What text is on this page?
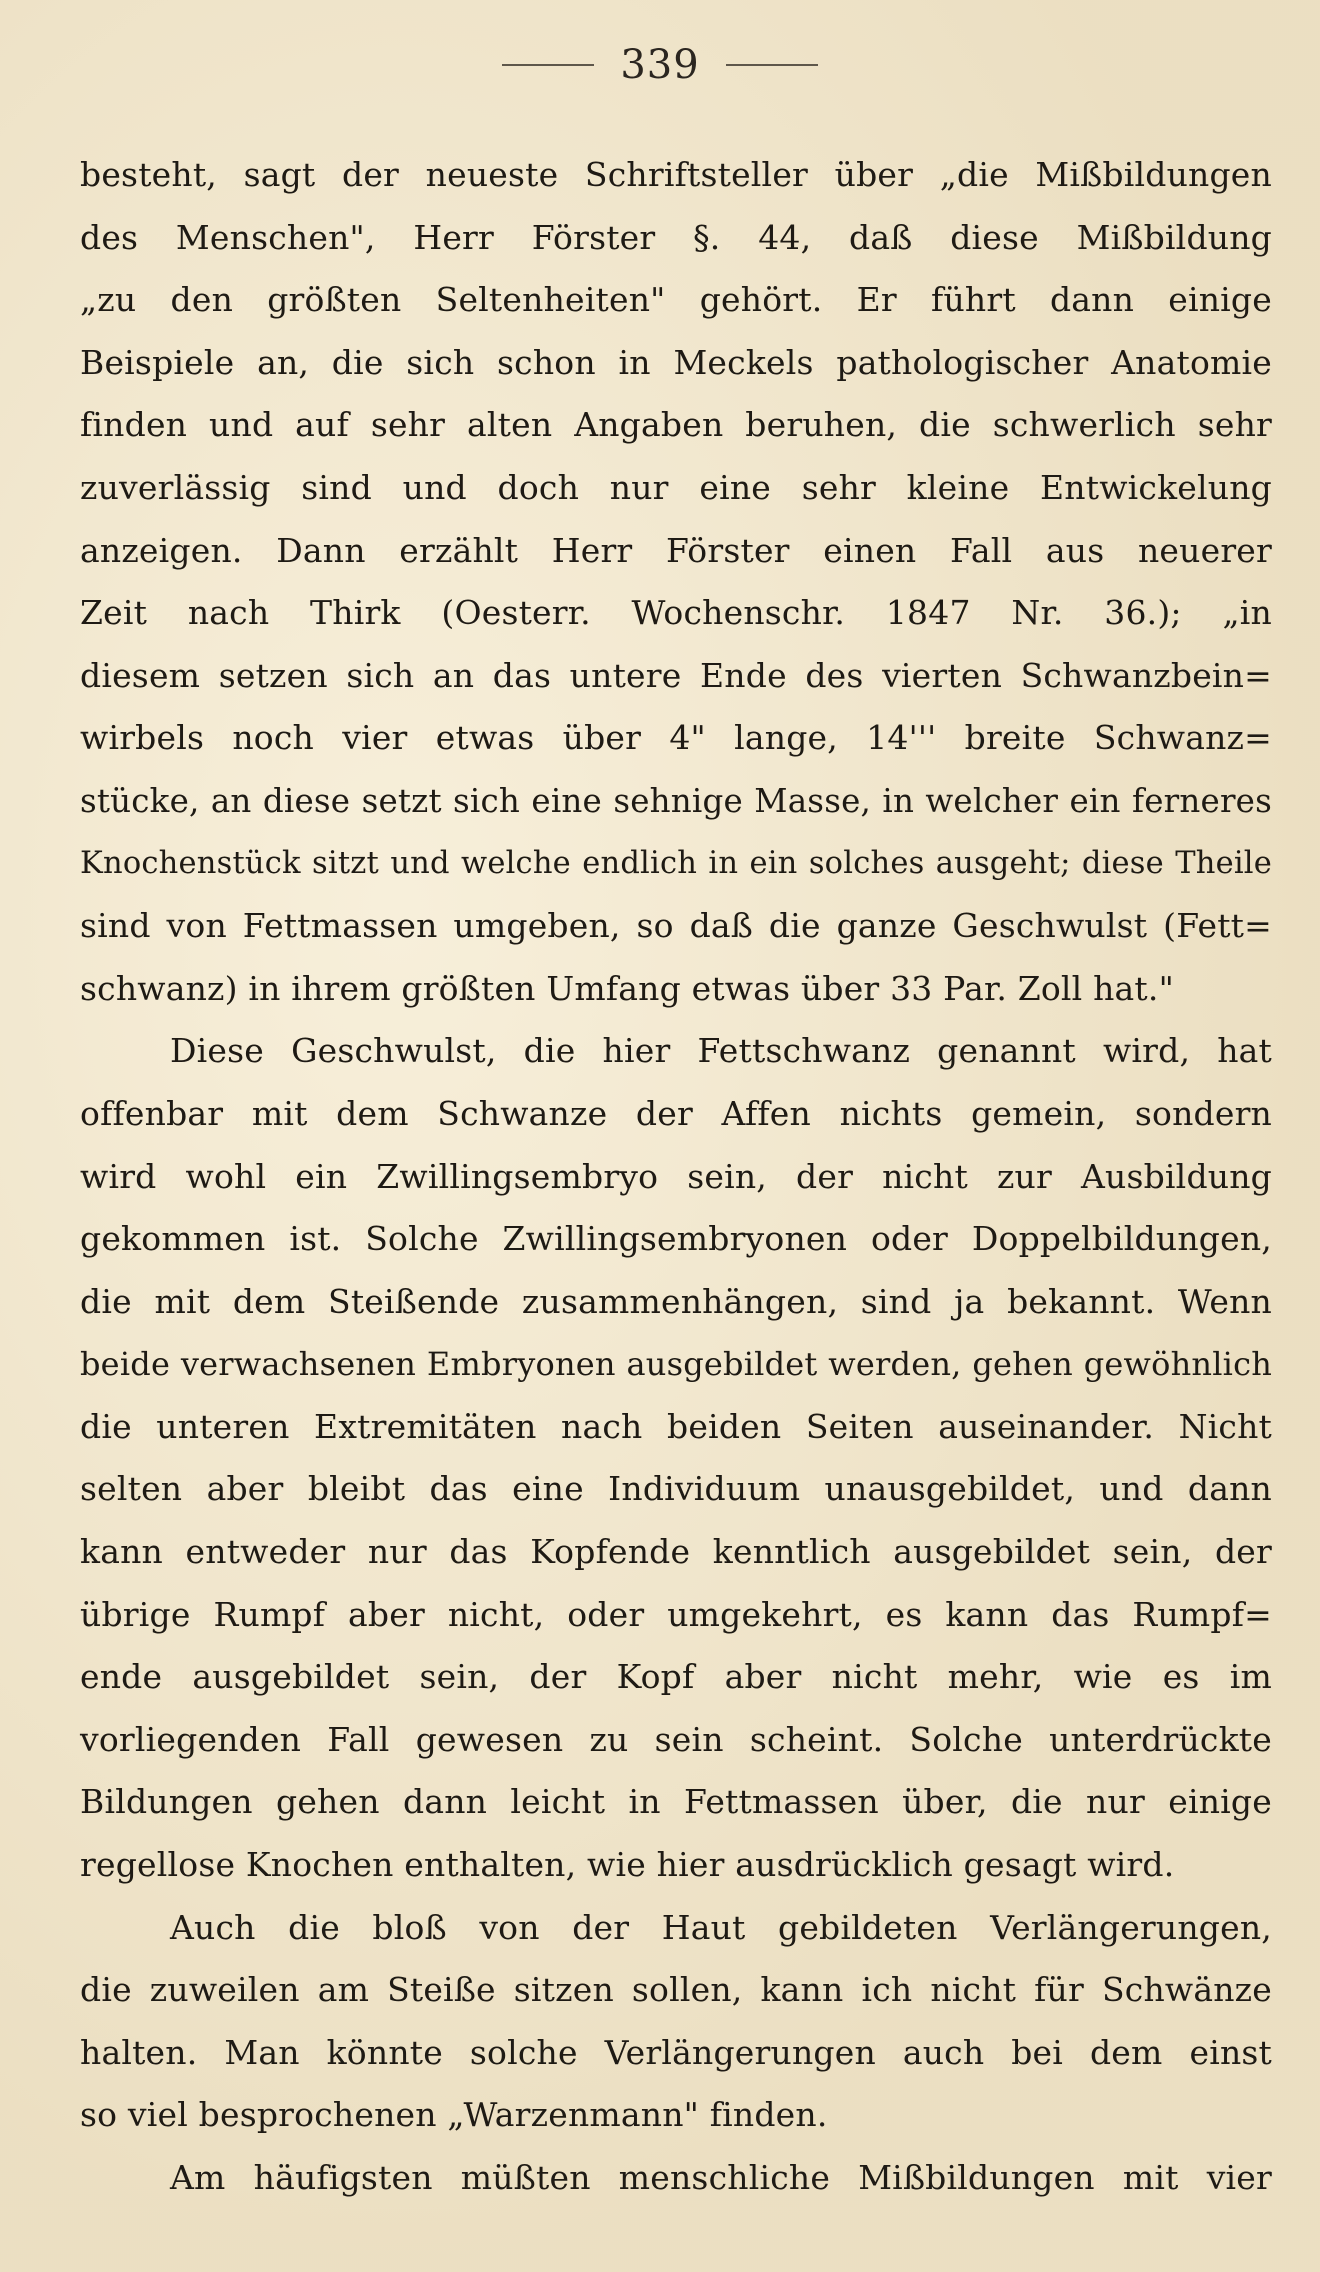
339
besteht, sagt der neueste Schriftsteller über „die Mißbildungen
des Menschen", Herr Förster §. 44, daß diese Mißbildung
„zu den größten Seltenheiten" gehört. Er führt dann einige
Beispiele an, die sich schon in Meckels pathologischer Anatomie
finden und auf sehr alten Angaben beruhen, die schwerlich sehr
zuverlässig sind und doch nur eine sehr kleine Entwickelung
anzeigen. Dann erzählt Herr Förster einen Fall aus neuerer
Zeit nach Thirk (Oesterr. Wochenschr. 1847 Nr. 36.); „in
diesem setzen sich an das untere Ende des vierten Schwanzbein=
wirbels noch vier etwas über 4" lange, 14''' breite Schwanz=
stücke, an diese setzt sich eine sehnige Masse, in welcher ein ferneres
Knochenstück sitzt und welche endlich in ein solches ausgeht; diese Theile
sind von Fettmassen umgeben, so daß die ganze Geschwulst (Fett=
schwanz) in ihrem größten Umfang etwas über 33 Par. Zoll hat."
Diese Geschwulst, die hier Fettschwanz genannt wird, hat
offenbar mit dem Schwanze der Affen nichts gemein, sondern
wird wohl ein Zwillingsembryo sein, der nicht zur Ausbildung
gekommen ist. Solche Zwillingsembryonen oder Doppelbildungen,
die mit dem Steißende zusammenhängen, sind ja bekannt. Wenn
beide verwachsenen Embryonen ausgebildet werden, gehen gewöhnlich
die unteren Extremitäten nach beiden Seiten auseinander. Nicht
selten aber bleibt das eine Individuum unausgebildet, und dann
kann entweder nur das Kopfende kenntlich ausgebildet sein, der
übrige Rumpf aber nicht, oder umgekehrt, es kann das Rumpf=
ende ausgebildet sein, der Kopf aber nicht mehr, wie es im
vorliegenden Fall gewesen zu sein scheint. Solche unterdrückte
Bildungen gehen dann leicht in Fettmassen über, die nur einige
regellose Knochen enthalten, wie hier ausdrücklich gesagt wird.
Auch die bloß von der Haut gebildeten Verlängerungen,
die zuweilen am Steiße sitzen sollen, kann ich nicht für Schwänze
halten. Man könnte solche Verlängerungen auch bei dem einst
so viel besprochenen „Warzenmann" finden.
Am häufigsten müßten menschliche Mißbildungen mit vier
